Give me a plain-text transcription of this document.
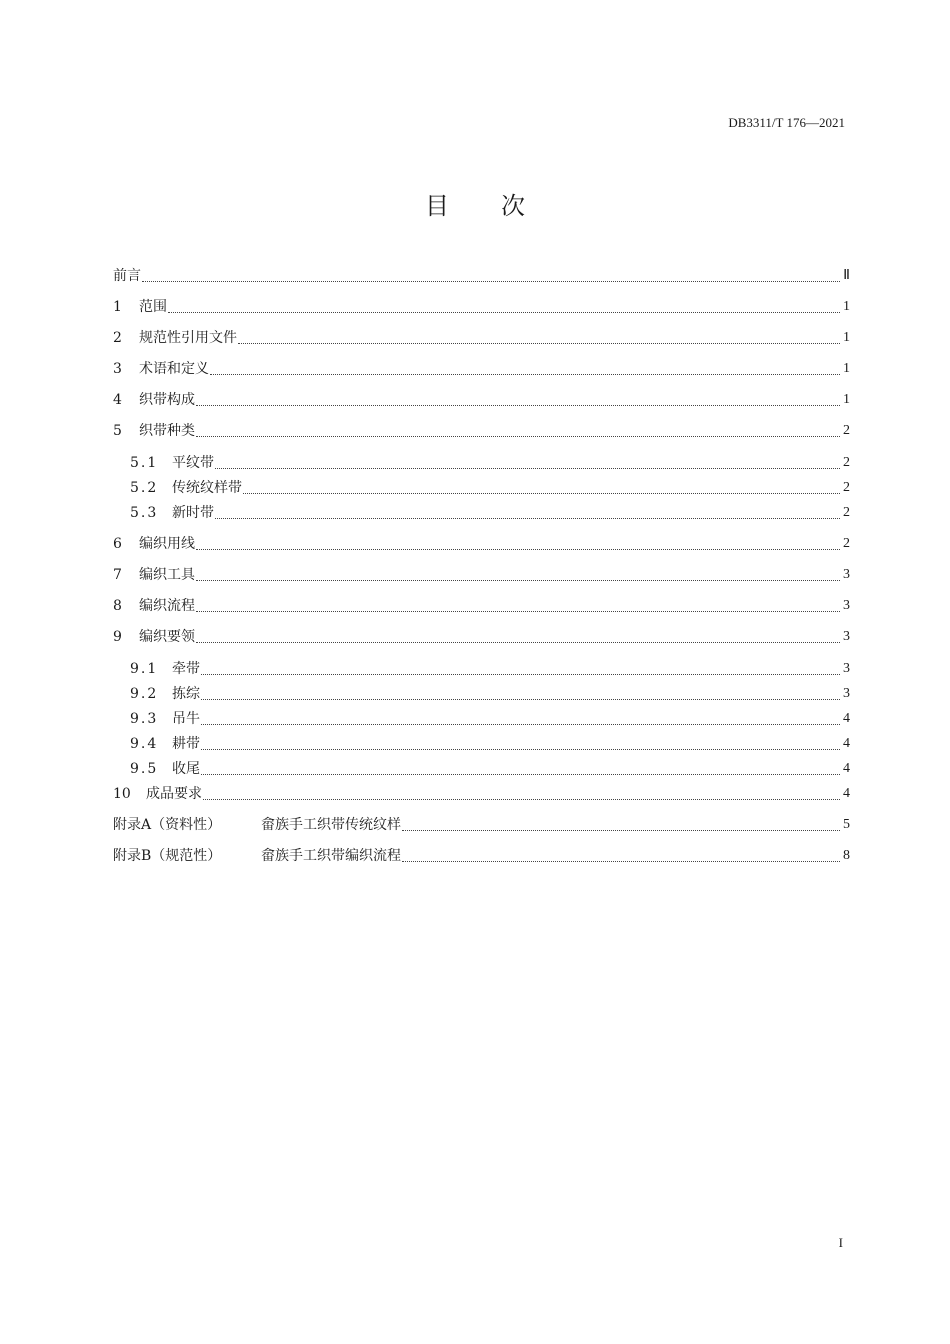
DB3311/T 176—2021
目 次
前言	Ⅱ
1	范围	1
2	规范性引用文件	1
3	术语和定义	1
4	织带构成	1
5	织带种类	2
5.1 平纹带	2
5.2 传统纹样带	2
5.3 新时带	2
6	编织用线	2
7	编织工具	3
8	编织流程	3
9	编织要领	3
9.1 牵带	3
9.2 拣综	3
9.3 吊牛	4
9.4 耕带	4
9.5 收尾	4
10	成品要求	4
附录A（资料性）	畲族手工织带传统纹样	5
附录B（规范性）	畲族手工织带编织流程	8
I
